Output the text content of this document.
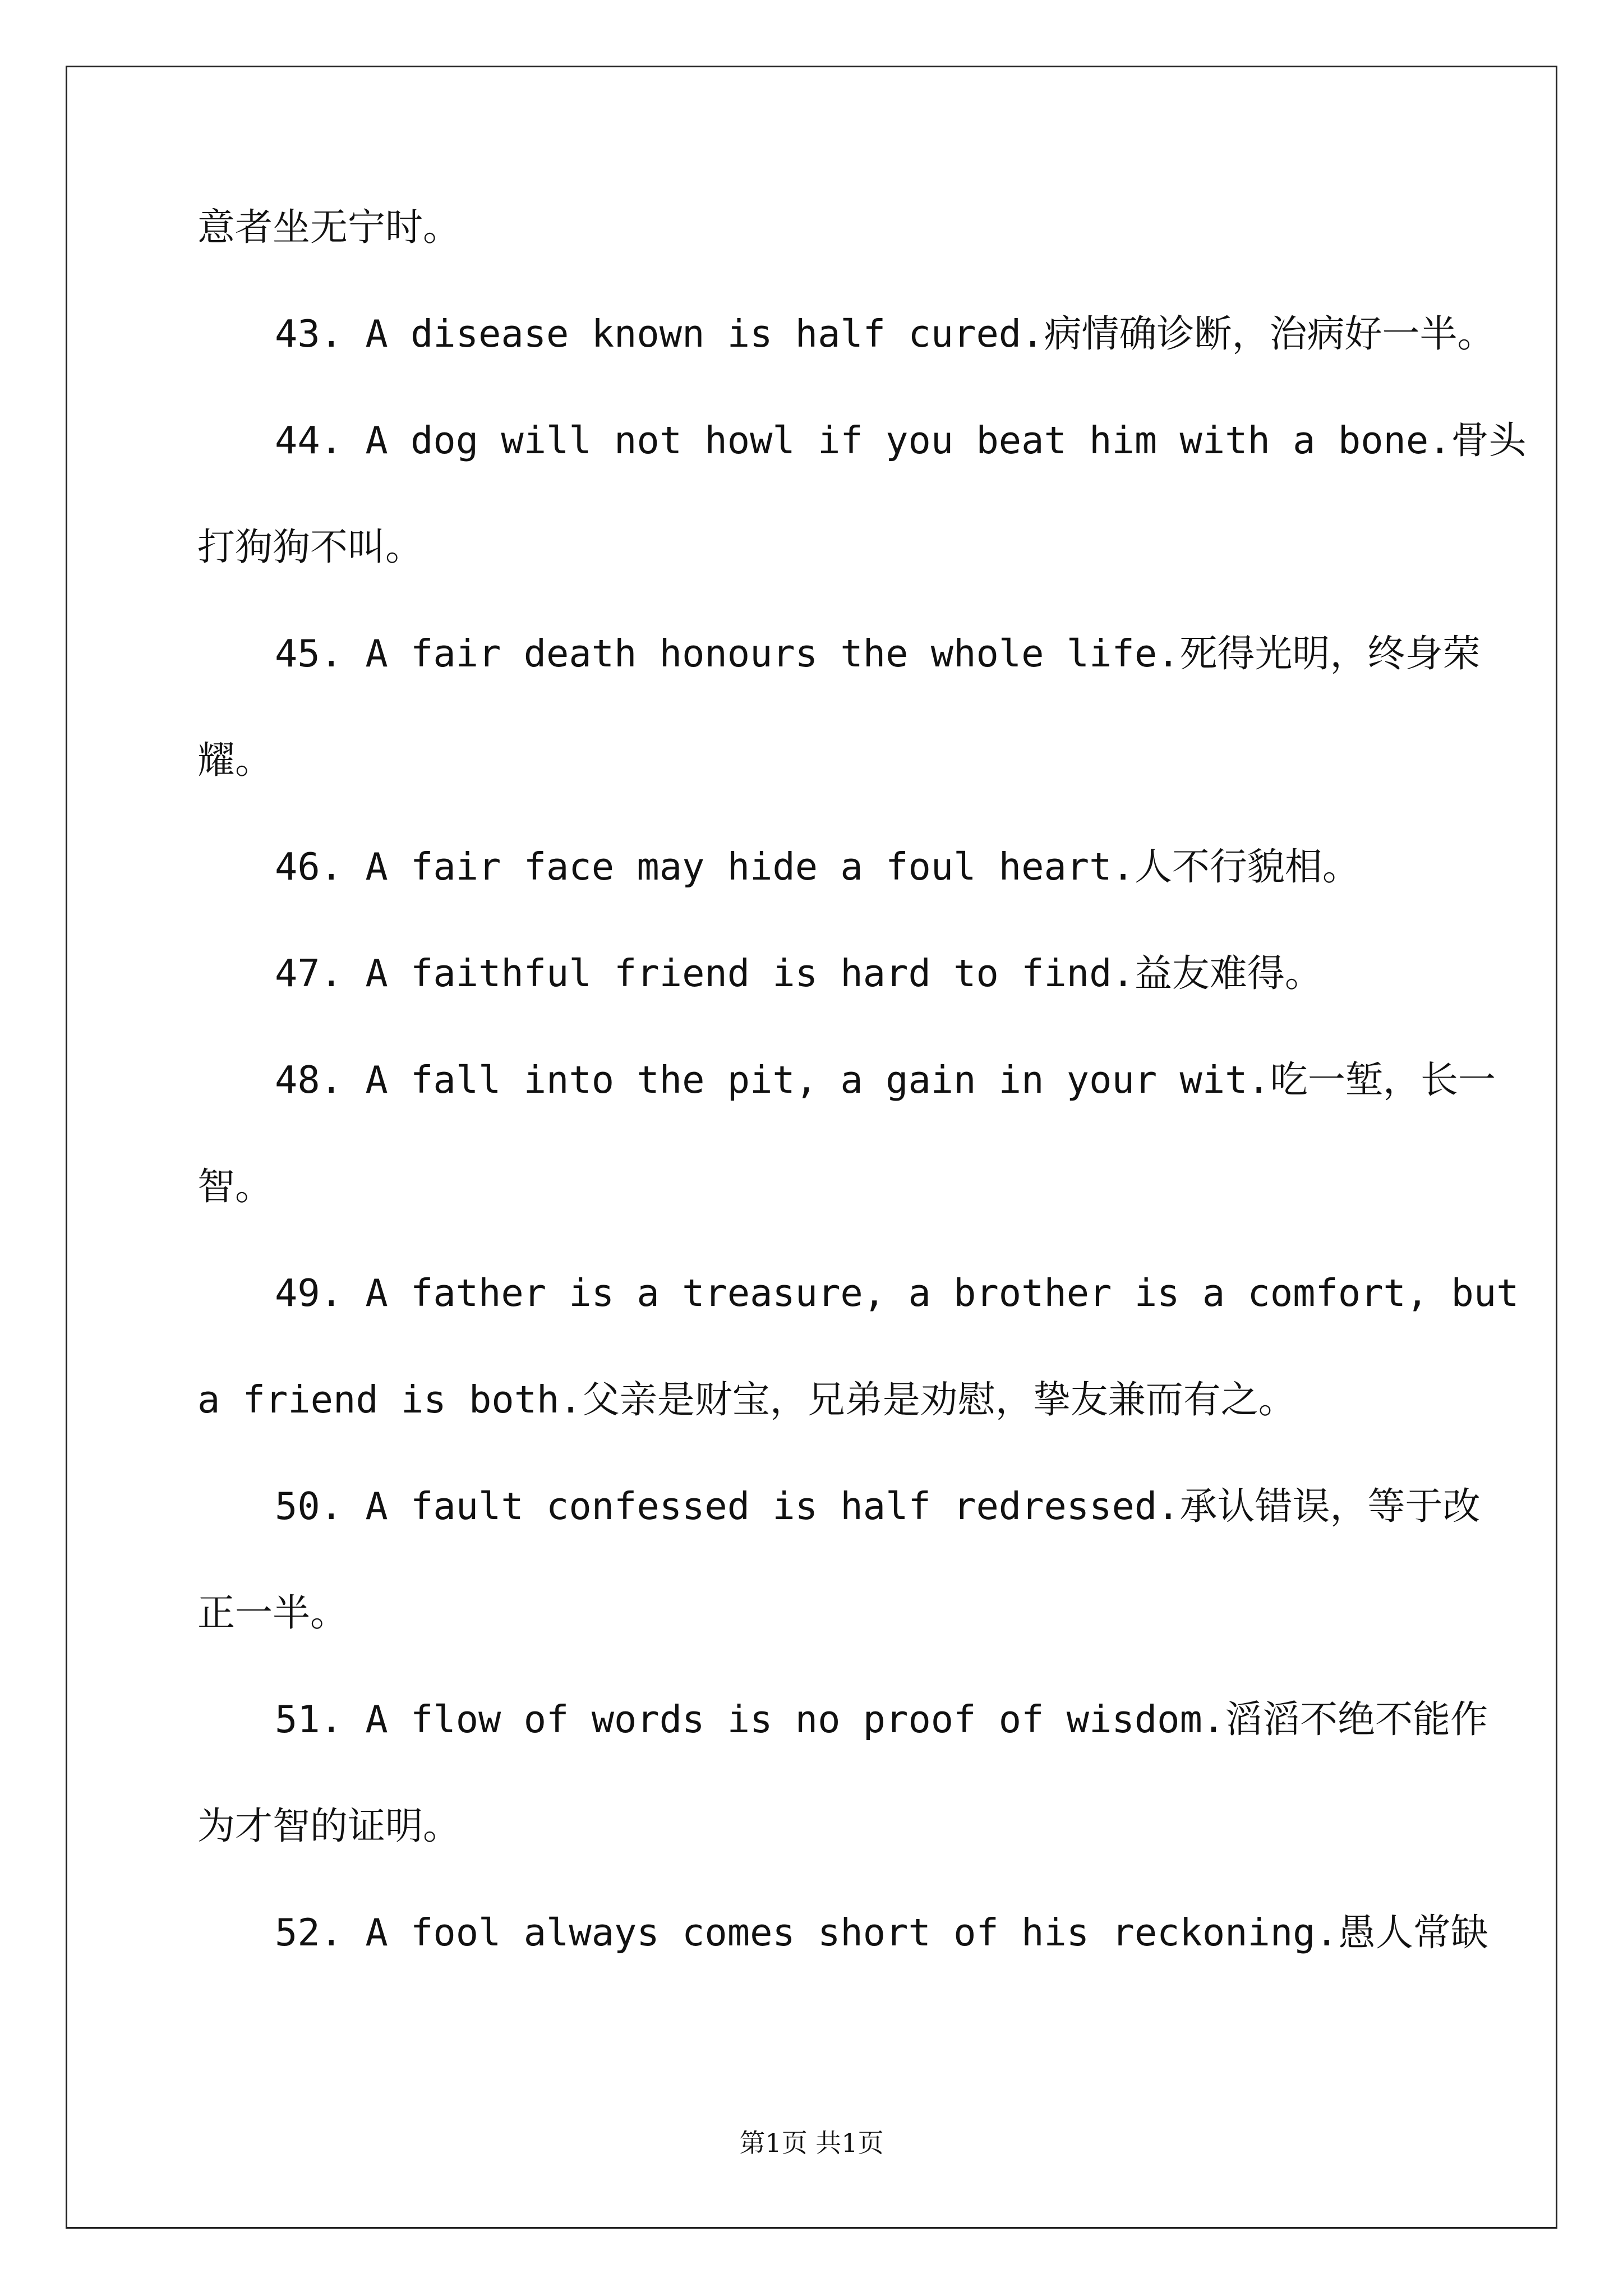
意者坐无宁时。
43. A disease known is half cured.病情确诊断，治病好一半。
44. A dog will not howl if you beat him with a bone.骨头
打狗狗不叫。
45. A fair death honours the whole life.死得光明，终身荣
耀。
46. A fair face may hide a foul heart.人不行貌相。
47. A faithful friend is hard to find.益友难得。
48. A fall into the pit, a gain in your wit.吃一堑，长一
智。
49. A father is a treasure, a brother is a comfort, but
a friend is both.父亲是财宝，兄弟是劝慰，挚友兼而有之。
50. A fault confessed is half redressed.承认错误，等于改
正一半。
51. A flow of words is no proof of wisdom.滔滔不绝不能作
为才智的证明。
52. A fool always comes short of his reckoning.愚人常缺
第1页 共1页
